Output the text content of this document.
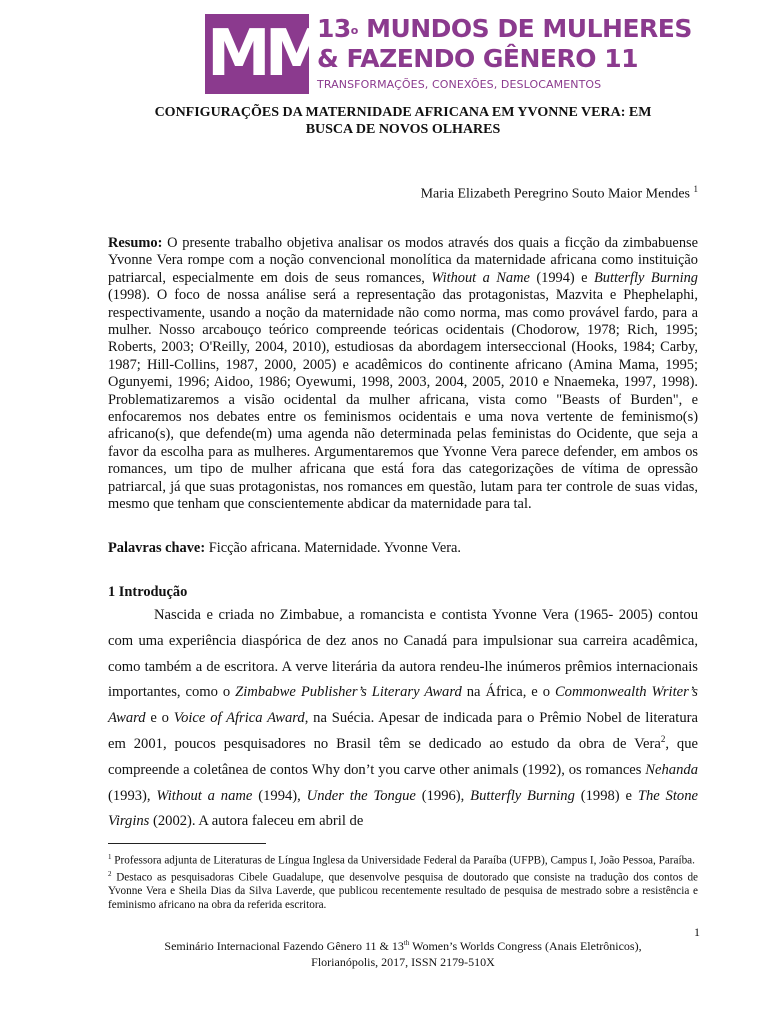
MM
13$^o$ MUNDOS DE MULHERES
& FAZENDO GÊNERO 11
TRANSFORMAÇÕES, CONEXÕES, DESLOCAMENTOS
CONFIGURAÇÕES DA MATERNIDADE AFRICANA EM YVONNE VERA: EM
BUSCA DE NOVOS OLHARES
Maria Elizabeth Peregrino Souto Maior Mendes $^1$

Resumo: O presente trabalho objetiva analisar os modos através dos quais a ficção da zimbabuense Yvonne Vera rompe com a noção convencional monolítica da maternidade africana como instituição patriarcal, especialmente em dois de seus romances, Without a Name (1994) e Butterfly Burning (1998). O foco de nossa análise será a representação das protagonistas, Mazvita e Phephelaphi, respectivamente, usando a noção da maternidade não como norma, mas como provável fardo, para a mulher. Nosso arcabouço teórico compreende teóricas ocidentais (Chodorow, 1978; Rich, 1995; Roberts, 2003; O'Reilly, 2004, 2010), estudiosas da abordagem interseccional (Hooks, 1984; Carby, 1987; Hill-Collins, 1987, 2000, 2005) e acadêmicos do continente africano (Amina Mama, 1995; Ogunyemi, 1996; Aidoo, 1986; Oyewumi, 1998, 2003, 2004, 2005, 2010 e Nnaemeka, 1997, 1998). Problematizaremos a visão ocidental da mulher africana, vista como "Beasts of Burden", e enfocaremos nos debates entre os feminismos ocidentais e uma nova vertente de feminismo(s) africano(s), que defende(m) uma agenda não determinada pelas feministas do Ocidente, que seja a favor da escolha para as mulheres. Argumentaremos que Yvonne Vera parece defender, em ambos os romances, um tipo de mulher africana que está fora das categorizações de vítima de opressão patriarcal, já que suas protagonistas, nos romances em questão, lutam para ter controle de suas vidas, mesmo que tenham que conscientemente abdicar da maternidade para tal.

Palavras chave: Ficção africana. Maternidade. Yvonne Vera.

1 Introdução

Nascida e criada no Zimbabue, a romancista e contista Yvonne Vera (1965- 2005) contou com uma experiência diaspórica de dez anos no Canadá para impulsionar sua carreira acadêmica, como também a de escritora. A verve literária da autora rendeu-lhe inúmeros prêmios internacionais importantes, como o Zimbabwe Publisher’s Literary Award na África, e o Commonwealth Writer’s Award e o Voice of Africa Award, na Suécia. Apesar de indicada para o Prêmio Nobel de literatura em 2001, poucos pesquisadores no Brasil têm se dedicado ao estudo da obra de Vera$^2$, que compreende a coletânea de contos Why don’t you carve other animals (1992), os romances Nehanda (1993), Without a name (1994), Under the Tongue (1996), Butterfly Burning (1998) e The Stone Virgins (2002). A autora faleceu em abril de

$^1$ Professora adjunta de Literaturas de Língua Inglesa da Universidade Federal da Paraíba (UFPB), Campus I, João Pessoa, Paraíba.

$^2$ Destaco as pesquisadoras Cibele Guadalupe, que desenvolve pesquisa de doutorado que consiste na tradução dos contos de Yvonne Vera e Sheila Dias da Silva Laverde, que publicou recentemente resultado de pesquisa de mestrado sobre a resistência e feminismo africano na obra da referida escritora.

1
Seminário Internacional Fazendo Gênero 11 & 13th Women’s Worlds Congress (Anais Eletrônicos),
Florianópolis, 2017, ISSN 2179-510X
